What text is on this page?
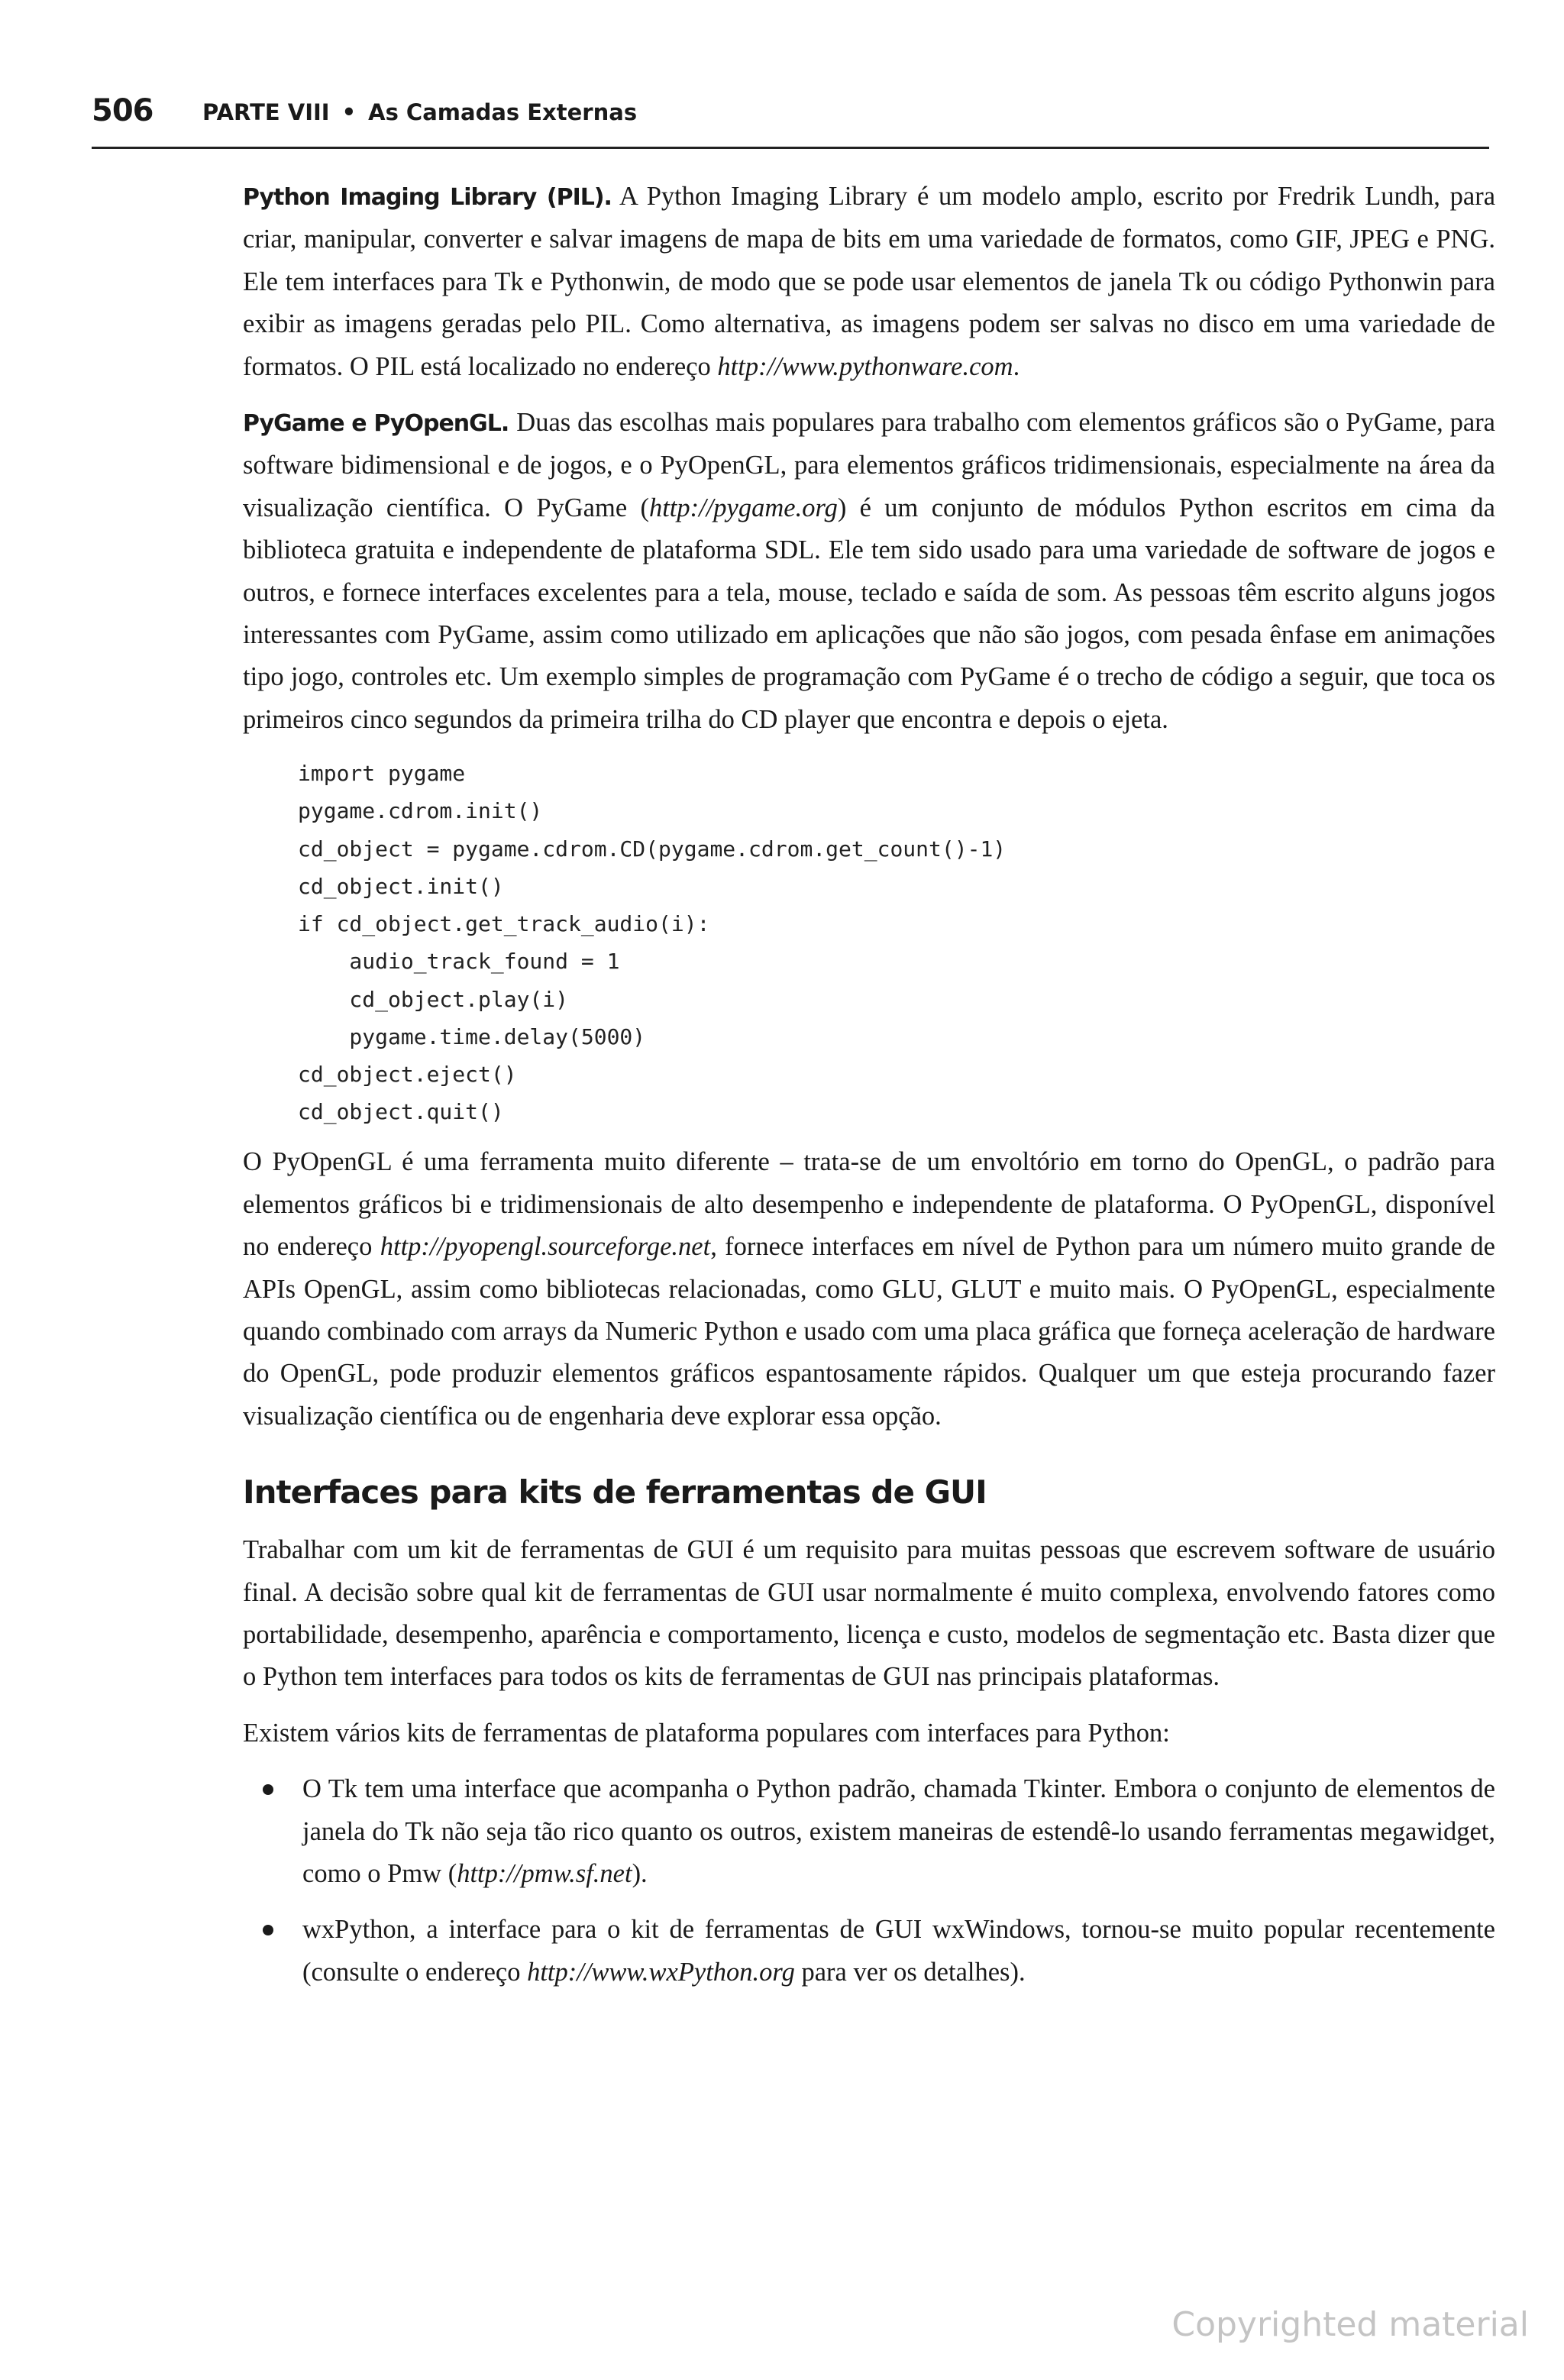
506 PARTE VIII • As Camadas Externas

Python Imaging Library (PIL). A Python Imaging Library é um modelo amplo, escrito por Fredrik Lundh, para criar, manipular, converter e salvar imagens de mapa de bits em uma variedade de formatos, como GIF, JPEG e PNG. Ele tem interfaces para Tk e Pythonwin, de modo que se pode usar elementos de janela Tk ou código Pythonwin para exibir as imagens geradas pelo PIL. Como alternativa, as imagens podem ser salvas no disco em uma variedade de formatos. O PIL está localizado no endereço http://www.pythonware.com.

PyGame e PyOpenGL. Duas das escolhas mais populares para trabalho com elementos gráficos são o PyGame, para software bidimensional e de jogos, e o PyOpenGL, para elementos gráficos tridimensionais, especialmente na área da visualização científica. O PyGame (http://pygame.org) é um conjunto de módulos Python escritos em cima da biblioteca gratuita e independente de plataforma SDL. Ele tem sido usado para uma variedade de software de jogos e outros, e fornece interfaces excelentes para a tela, mouse, teclado e saída de som. As pessoas têm escrito alguns jogos interessantes com PyGame, assim como utilizado em aplicações que não são jogos, com pesada ênfase em animações tipo jogo, controles etc. Um exemplo simples de programação com PyGame é o trecho de código a seguir, que toca os primeiros cinco segundos da primeira trilha do CD player que encontra e depois o ejeta.

import pygame
pygame.cdrom.init()
cd_object = pygame.cdrom.CD(pygame.cdrom.get_count()-1)
cd_object.init()
if cd_object.get_track_audio(i):
audio_track_found = 1
cd_object.play(i)
pygame.time.delay(5000)
cd_object.eject()
cd_object.quit()

O PyOpenGL é uma ferramenta muito diferente – trata-se de um envoltório em torno do OpenGL, o padrão para elementos gráficos bi e tridimensionais de alto desempenho e independente de plataforma. O PyOpenGL, disponível no endereço http://pyopengl.sourceforge.net, fornece interfaces em nível de Python para um número muito grande de APIs OpenGL, assim como bibliotecas relacionadas, como GLU, GLUT e muito mais. O PyOpenGL, especialmente quando combinado com arrays da Numeric Python e usado com uma placa gráfica que forneça aceleração de hardware do OpenGL, pode produzir elementos gráficos espantosamente rápidos. Qualquer um que esteja procurando fazer visualização científica ou de engenharia deve explorar essa opção.

Interfaces para kits de ferramentas de GUI

Trabalhar com um kit de ferramentas de GUI é um requisito para muitas pessoas que escrevem software de usuário final. A decisão sobre qual kit de ferramentas de GUI usar normalmente é muito complexa, envolvendo fatores como portabilidade, desempenho, aparência e comportamento, licença e custo, modelos de segmentação etc. Basta dizer que o Python tem interfaces para todos os kits de ferramentas de GUI nas principais plataformas.

Existem vários kits de ferramentas de plataforma populares com interfaces para Python:

O Tk tem uma interface que acompanha o Python padrão, chamada Tkinter. Embora o conjunto de elementos de janela do Tk não seja tão rico quanto os outros, existem maneiras de estendê-lo usando ferramentas megawidget, como o Pmw (http://pmw.sf.net).
wxPython, a interface para o kit de ferramentas de GUI wxWindows, tornou-se muito popular recentemente (consulte o endereço http://www.wxPython.org para ver os detalhes).
Copyrighted material
